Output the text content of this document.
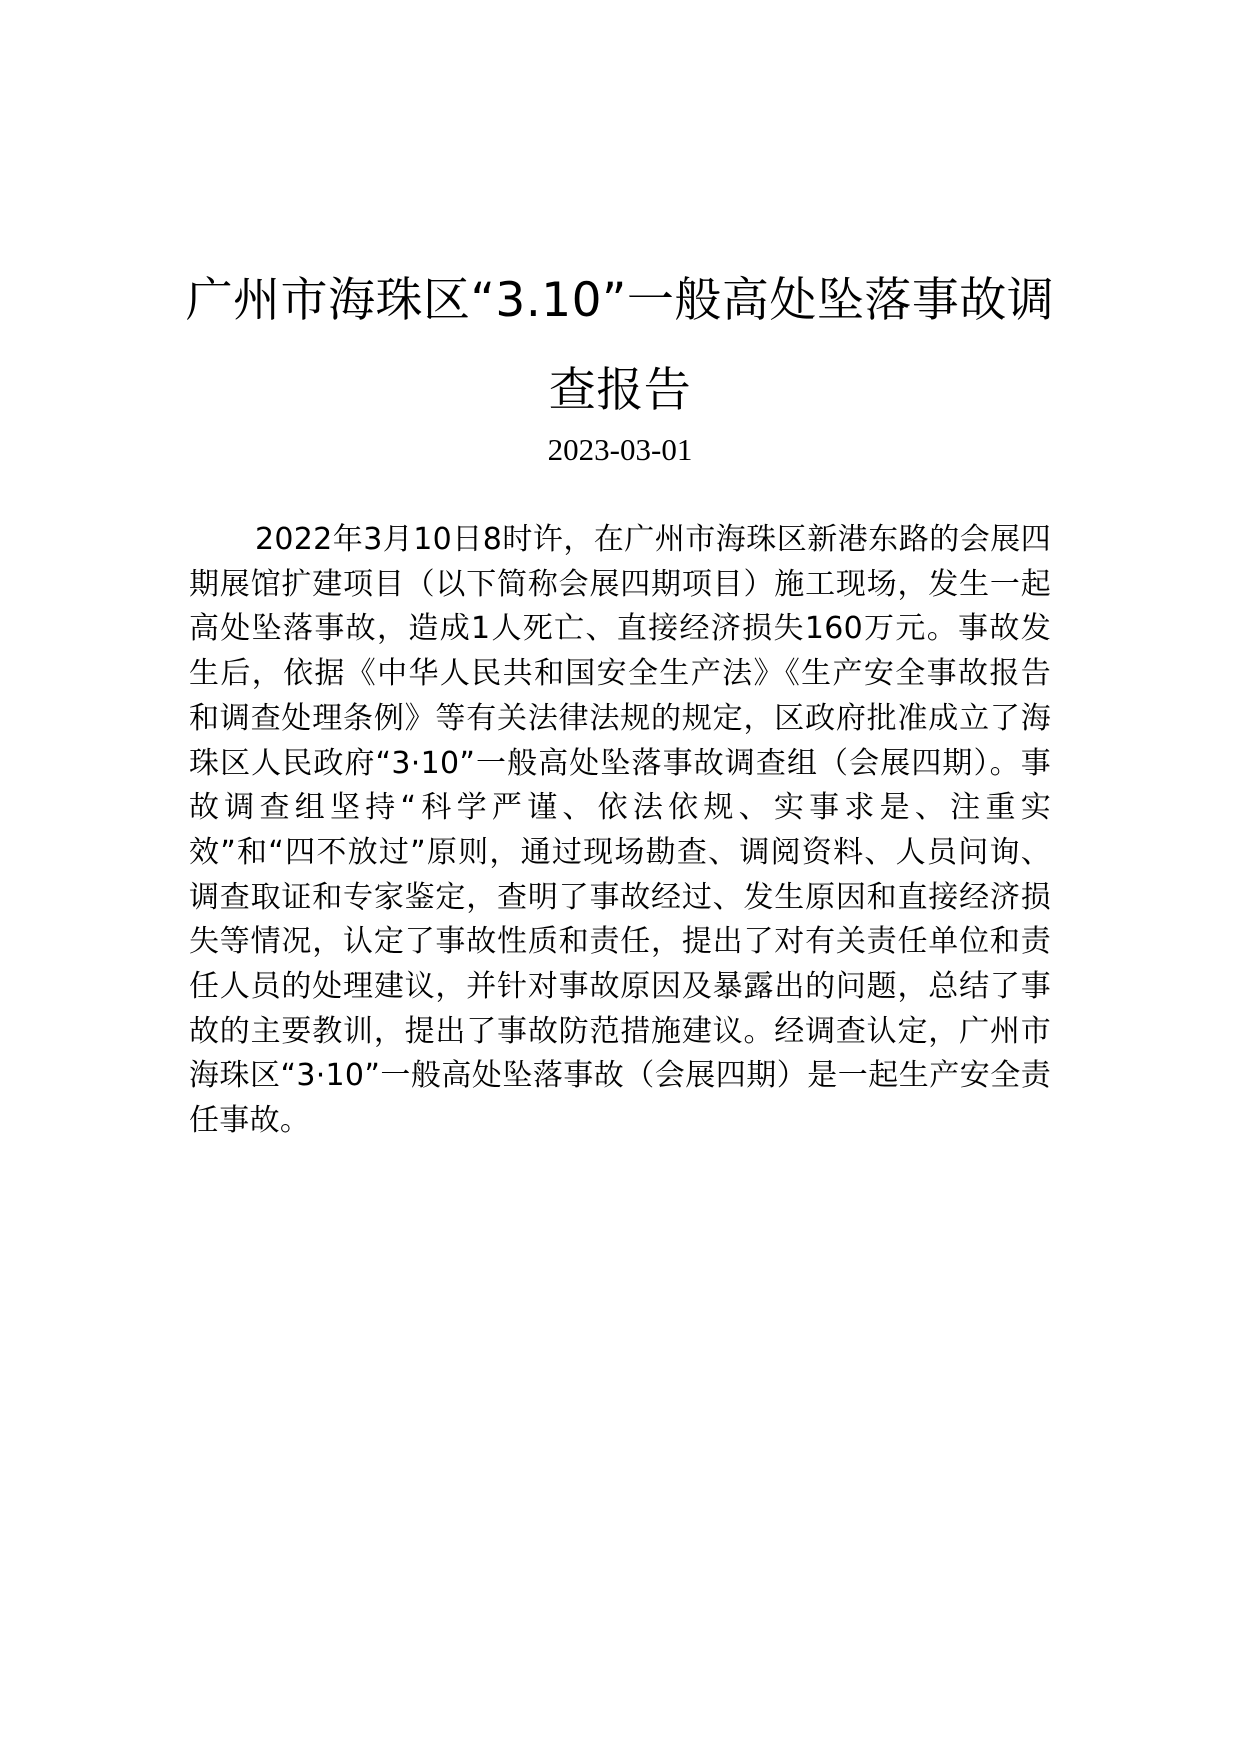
广州市海珠区“3.10”一般高处坠落事故调查报告
2023-03-01

2022年3月10日8时许，在广州市海珠区新港东路的会展四期展馆扩建项目（以下简称会展四期项目）施工现场，发生一起高处坠落事故，造成1人死亡、直接经济损失160万元。事故发生后，依据《中华人民共和国安全生产法》《生产安全事故报告和调查处理条例》等有关法律法规的规定，区政府批准成立了海珠区人民政府“3·10”一般高处坠落事故调查组（会展四期）。事故调查组坚持“科学严谨、依法依规、实事求是、注重实效”和“四不放过”原则，通过现场勘查、调阅资料、人员问询、调查取证和专家鉴定，查明了事故经过、发生原因和直接经济损失等情况，认定了事故性质和责任，提出了对有关责任单位和责任人员的处理建议，并针对事故原因及暴露出的问题，总结了事故的主要教训，提出了事故防范措施建议。经调查认定，广州市海珠区“3·10”一般高处坠落事故（会展四期）是一起生产安全责任事故。
